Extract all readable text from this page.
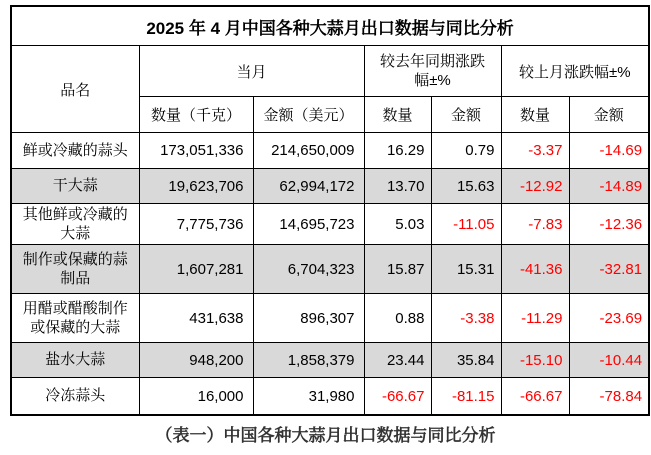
2025 年 4 月中国各种大蒜月出口数据与同比分析						
品名	当月		较去年同期涨跌幅±%		较上月涨跌幅±%	
	数量（千克）	金额（美元）	数量	金额	数量	金额
鲜或冷藏的蒜头	173,051,336	214,650,009	16.29	0.79	-3.37	-14.69
干大蒜	19,623,706	62,994,172	13.70	15.63	-12.92	-14.89
其他鲜或冷藏的大蒜	7,775,736	14,695,723	5.03	-11.05	-7.83	-12.36
制作或保藏的蒜制品	1,607,281	6,704,323	15.87	15.31	-41.36	-32.81
用醋或醋酸制作或保藏的大蒜	431,638	896,307	0.88	-3.38	-11.29	-23.69
盐水大蒜	948,200	1,858,379	23.44	35.84	-15.10	-10.44
冷冻蒜头	16,000	31,980	-66.67	-81.15	-66.67	-78.84
（表一）中国各种大蒜月出口数据与同比分析
